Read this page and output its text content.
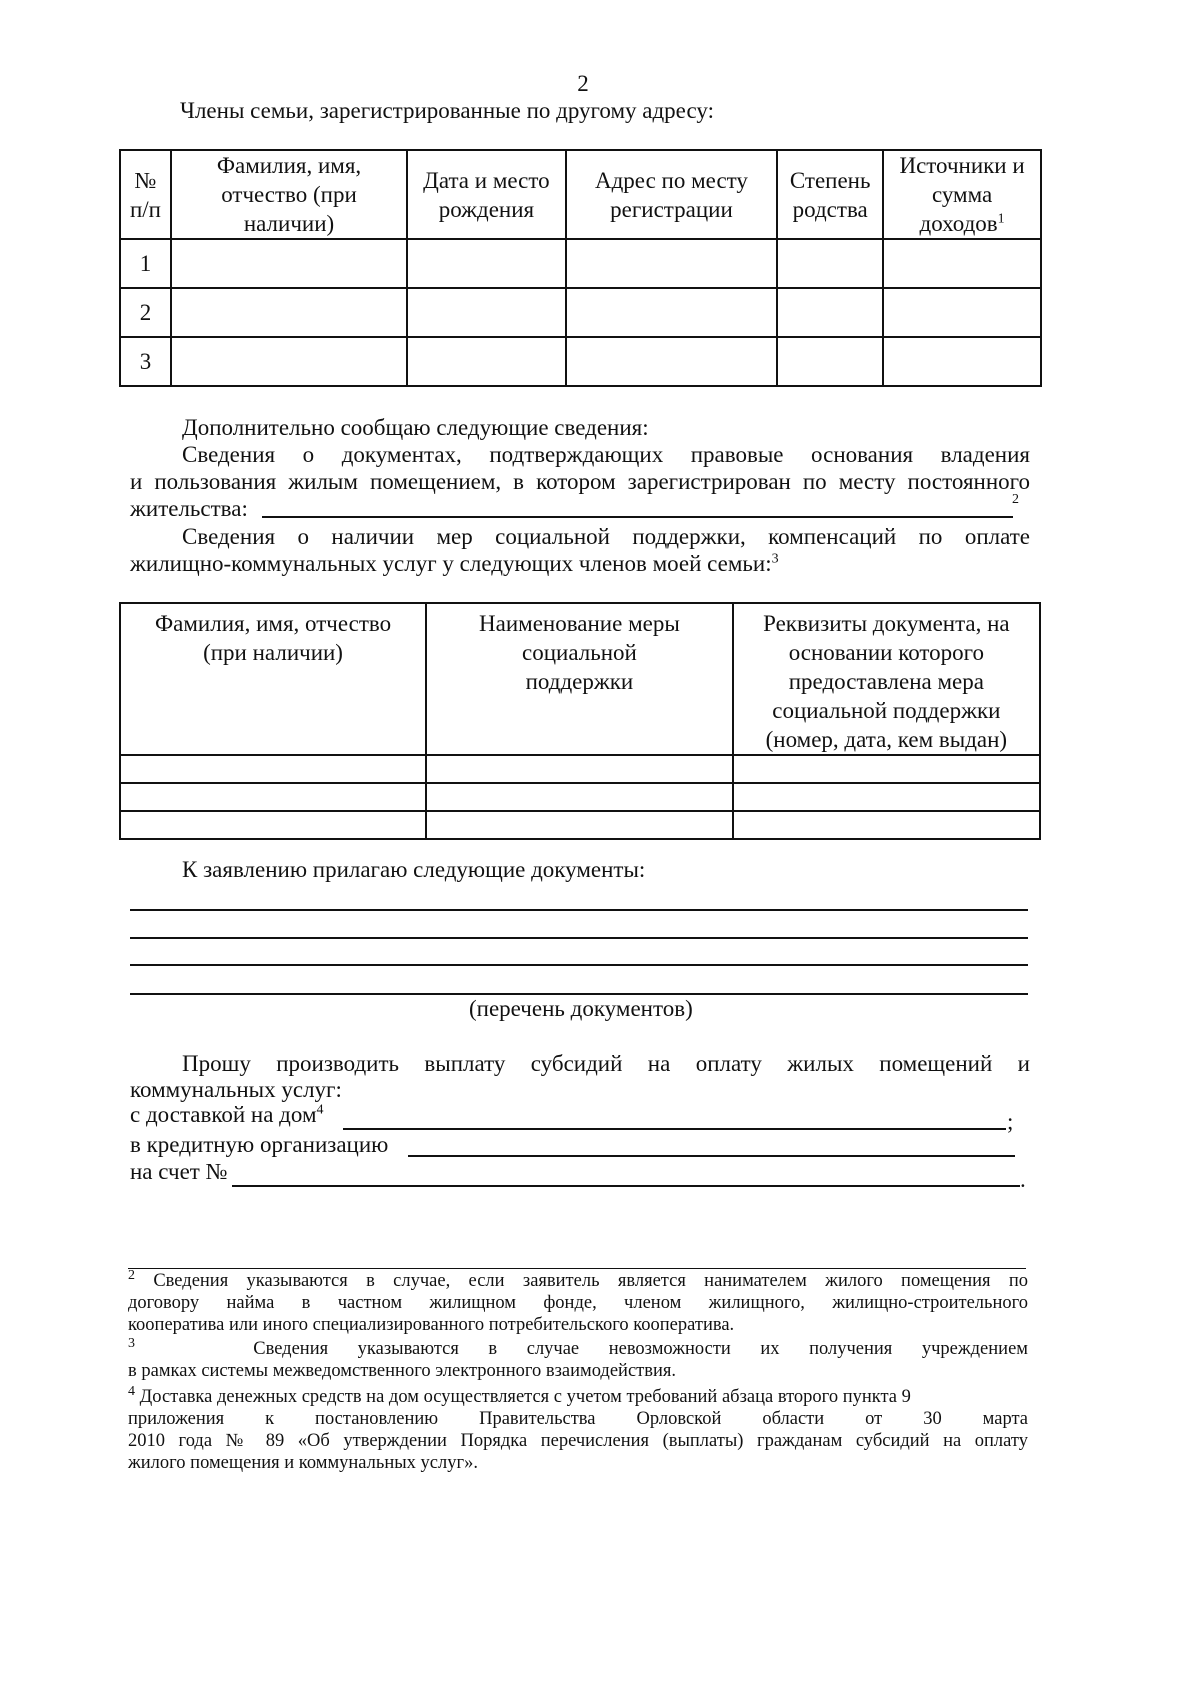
2
Члены семьи, зарегистрированные по другому адресу:
№ п/п	Фамилия, имя, отчество (при наличии)	Дата и место рождения	Адрес по месту регистрации	Степень родства	Источники и сумма доходов$^1$
1					
2					
3					
Дополнительно сообщаю следующие сведения:
Сведения о документах, подтверждающих правовые основания владения
и пользования жилым помещением, в котором зарегистрирован по месту постоянного
жительства:	2
Сведения о наличии мер социальной поддержки, компенсаций по оплате
жилищно-коммунальных услуг у следующих членов моей семьи:$^3$
Фамилия, имя, отчество (при наличии)	Наименование меры социальной поддержки	Реквизиты документа, на основании которого предоставлена мера социальной поддержки (номер, дата, кем выдан)

К заявлению прилагаю следующие документы:
(перечень документов)
Прошу производить выплату субсидий на оплату жилых помещений и
коммунальных услуг:
с доставкой на дом$^4$	;
в кредитную организацию
на счет №	.
$^2$ Сведения указываются в случае, если заявитель является нанимателем жилого помещения по
договору найма в частном жилищном фонде, членом жилищного, жилищно-строительного
кооператива или иного специализированного потребительского кооператива.
$^3$	Сведения указываются в случае невозможности их получения учреждением
в рамках системы межведомственного электронного взаимодействия.
$^4$ Доставка денежных средств на дом осуществляется с учетом требований абзаца второго пункта 9
приложения к постановлению Правительства Орловской области от 30 марта
2010 года № 89 «Об утверждении Порядка перечисления (выплаты) гражданам субсидий на оплату
жилого помещения и коммунальных услуг».
